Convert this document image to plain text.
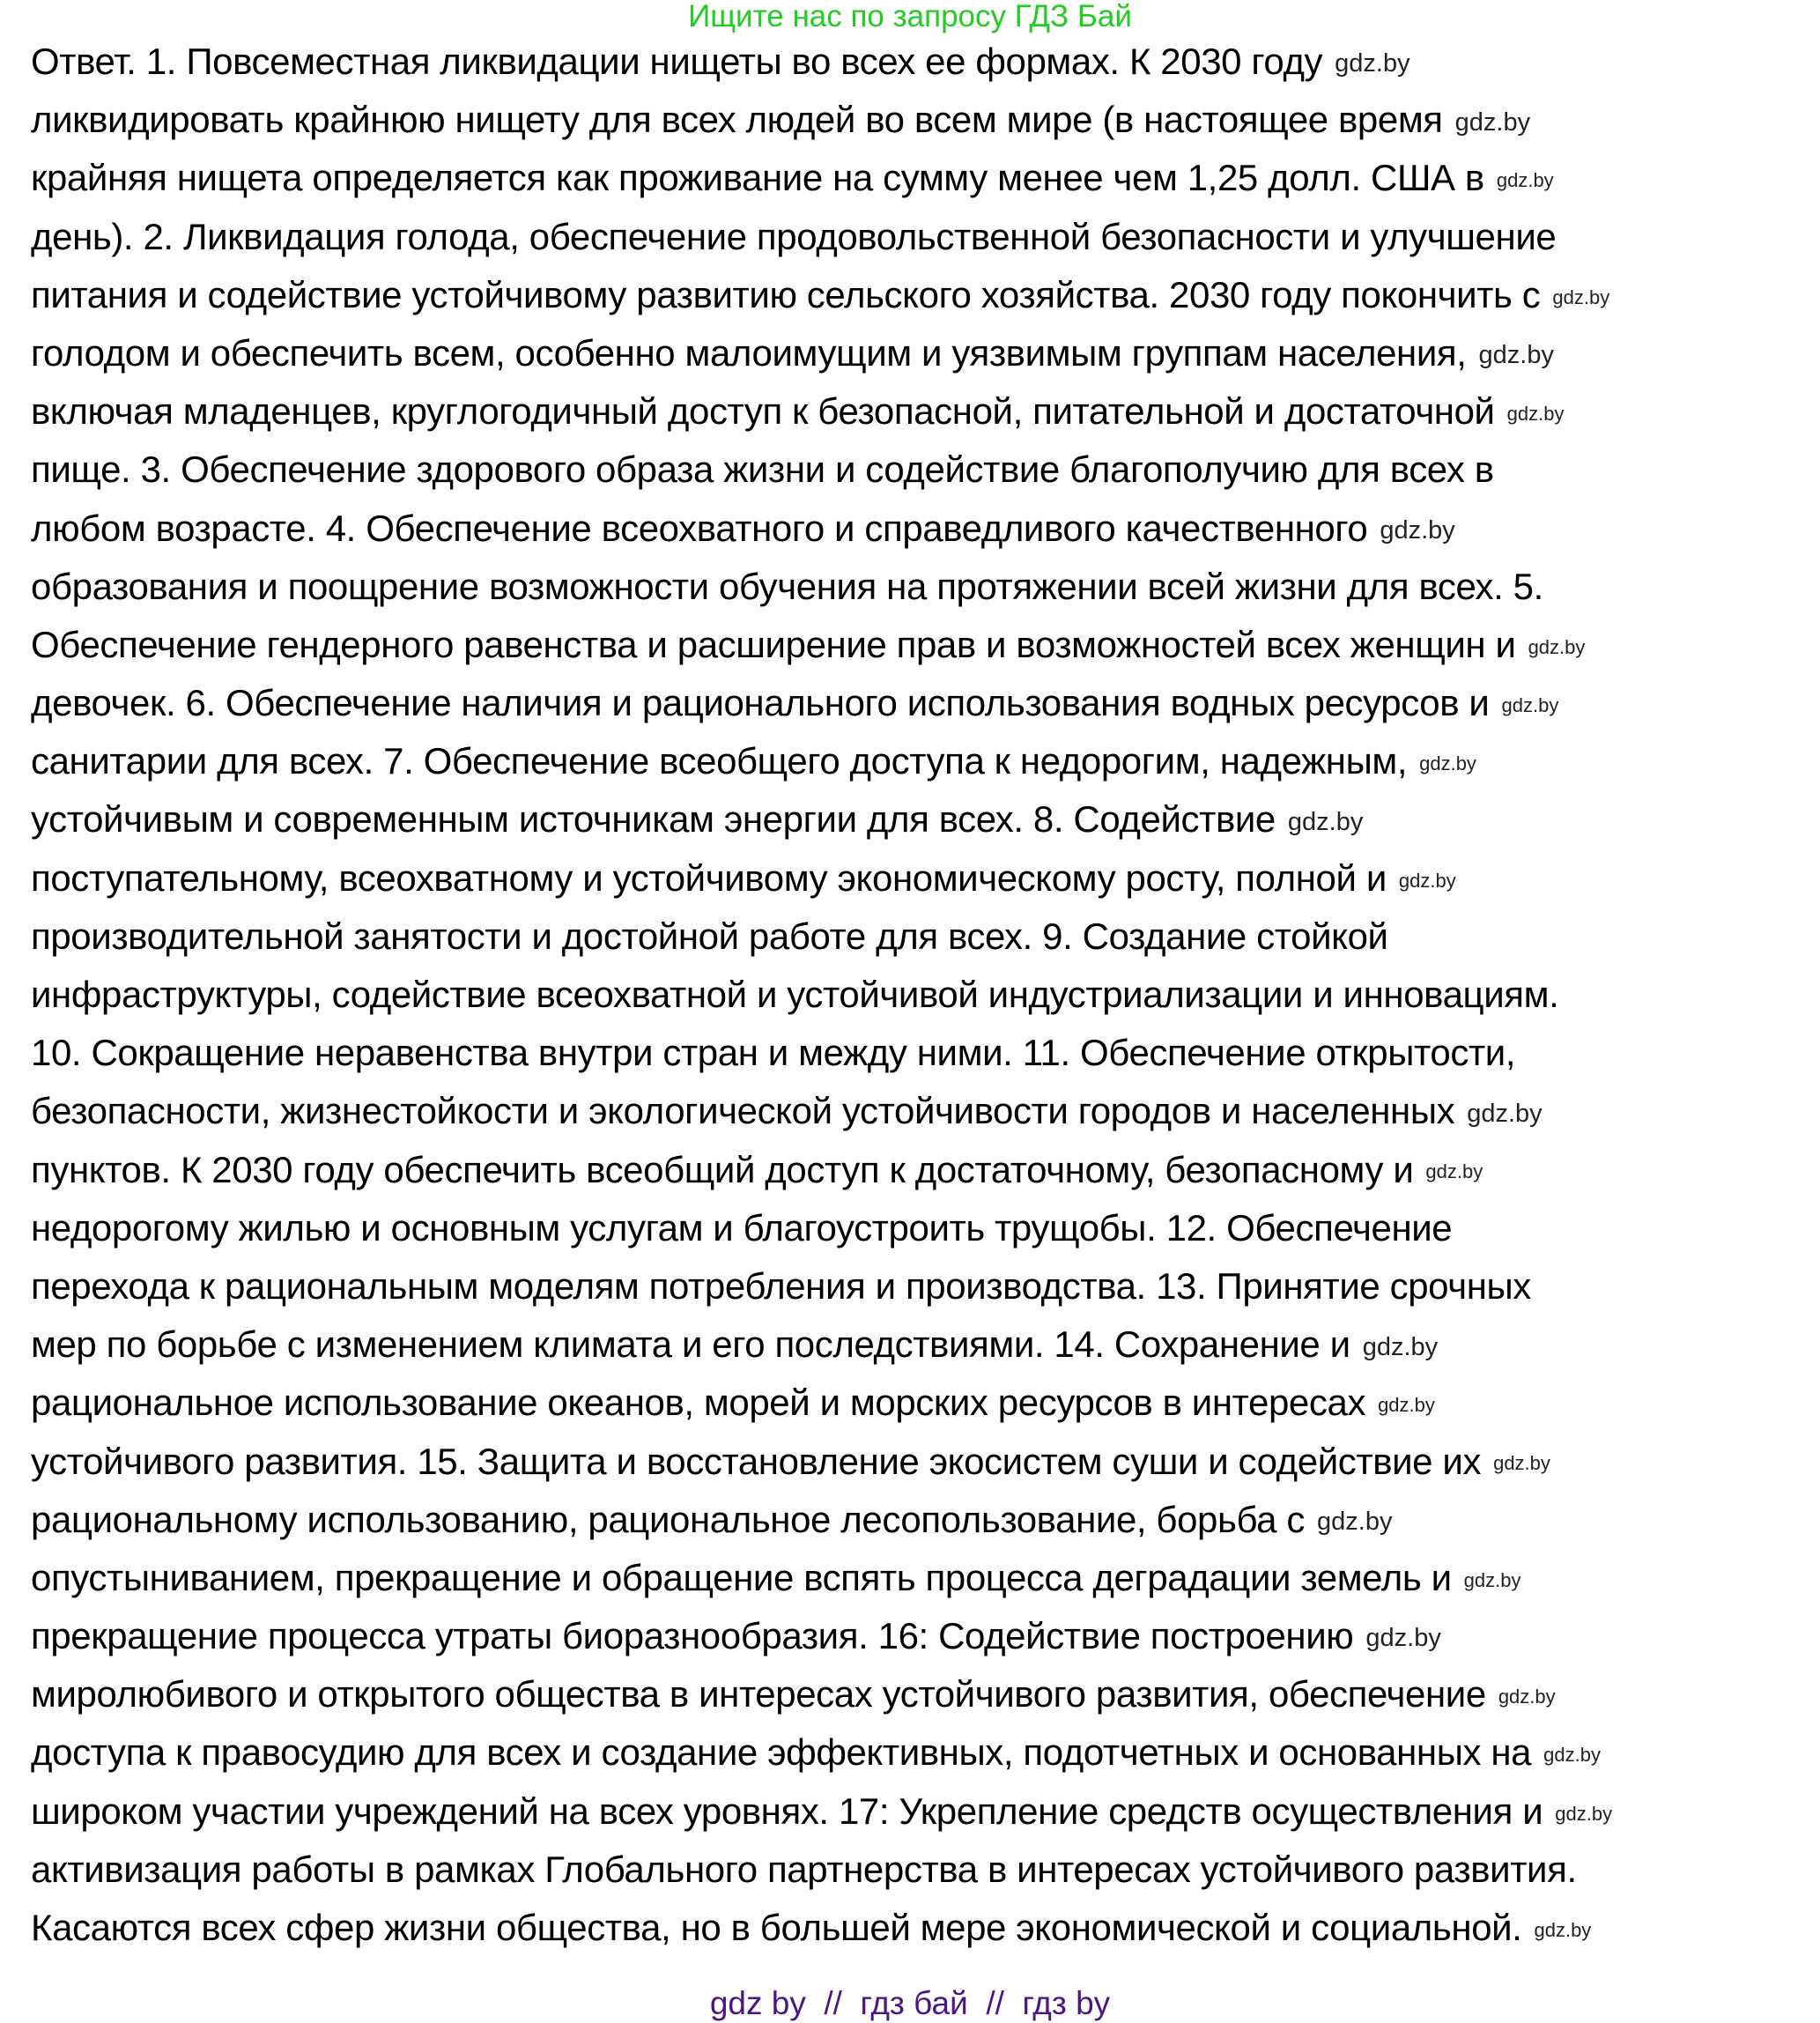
Ищите нас по запросу ГДЗ Бай
Ответ. 1. Повсеместная ликвидации нищеты во всех ее формах. К 2030 году gdz.by
ликвидировать крайнюю нищету для всех людей во всем мире (в настоящее время gdz.by
крайняя нищета определяется как проживание на сумму менее чем 1,25 долл. США в gdz.by
день). 2. Ликвидация голода, обеспечение продовольственной безопасности и улучшение
питания и содействие устойчивому развитию сельского хозяйства. 2030 году покончить с gdz.by
голодом и обеспечить всем, особенно малоимущим и уязвимым группам населения, gdz.by
включая младенцев, круглогодичный доступ к безопасной, питательной и достаточной gdz.by
пище. 3. Обеспечение здорового образа жизни и содействие благополучию для всех в
любом возрасте. 4. Обеспечение всеохватного и справедливого качественного gdz.by
образования и поощрение возможности обучения на протяжении всей жизни для всех. 5.
Обеспечение гендерного равенства и расширение прав и возможностей всех женщин и gdz.by
девочек. 6. Обеспечение наличия и рационального использования водных ресурсов и gdz.by
санитарии для всех. 7. Обеспечение всеобщего доступа к недорогим, надежным, gdz.by
устойчивым и современным источникам энергии для всех. 8. Содействие gdz.by
поступательному, всеохватному и устойчивому экономическому росту, полной и gdz.by
производительной занятости и достойной работе для всех. 9. Создание стойкой
инфраструктуры, содействие всеохватной и устойчивой индустриализации и инновациям.
10. Сокращение неравенства внутри стран и между ними. 11. Обеспечение открытости,
безопасности, жизнестойкости и экологической устойчивости городов и населенных gdz.by
пунктов. К 2030 году обеспечить всеобщий доступ к достаточному, безопасному и gdz.by
недорогому жилью и основным услугам и благоустроить трущобы. 12. Обеспечение
перехода к рациональным моделям потребления и производства. 13. Принятие срочных
мер по борьбе с изменением климата и его последствиями. 14. Сохранение и gdz.by
рациональное использование океанов, морей и морских ресурсов в интересах gdz.by
устойчивого развития. 15. Защита и восстановление экосистем суши и содействие их gdz.by
рациональному использованию, рациональное лесопользование, борьба с gdz.by
опустыниванием, прекращение и обращение вспять процесса деградации земель и gdz.by
прекращение процесса утраты биоразнообразия. 16: Содействие построению gdz.by
миролюбивого и открытого общества в интересах устойчивого развития, обеспечение gdz.by
доступа к правосудию для всех и создание эффективных, подотчетных и основанных на gdz.by
широком участии учреждений на всех уровнях. 17: Укрепление средств осуществления и gdz.by
активизация работы в рамках Глобального партнерства в интересах устойчивого развития.
Касаются всех сфер жизни общества, но в большей мере экономической и социальной. gdz.by
gdz by  //  гдз бай  //  гдз by
